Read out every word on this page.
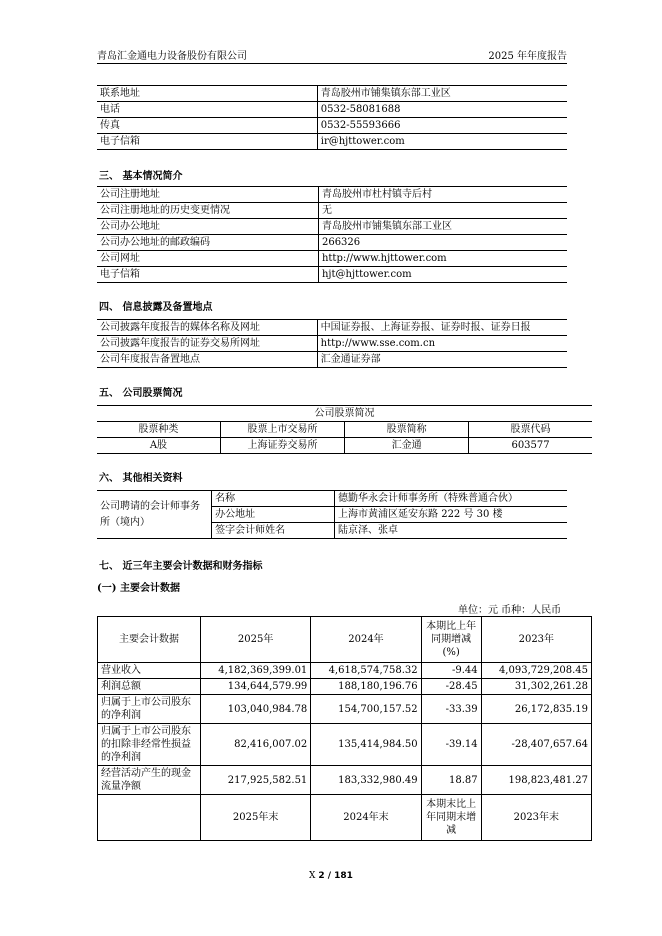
青岛汇金通电力设备股份有限公司	2025 年年度报告
联系地址	青岛胶州市铺集镇东部工业区
电话	0532-58081688
传真	0532-55593666
电子信箱	ir@hjttower.com
三、 基本情况简介
公司注册地址	青岛胶州市杜村镇寺后村
公司注册地址的历史变更情况	无
公司办公地址	青岛胶州市铺集镇东部工业区
公司办公地址的邮政编码	266326
公司网址	http://www.hjttower.com
电子信箱	hjt@hjttower.com
四、 信息披露及备置地点
公司披露年度报告的媒体名称及网址	中国证券报、上海证券报、证券时报、证券日报
公司披露年度报告的证券交易所网址	http://www.sse.com.cn
公司年度报告备置地点	汇金通证券部
五、 公司股票简况
公司股票简况			
股票种类	股票上市交易所	股票简称	股票代码
A股	上海证券交易所	汇金通	603577
六、 其他相关资料
公司聘请的会计师事务所（境内）	名称	德勤华永会计师事务所（特殊普通合伙）
	办公地址	上海市黄浦区延安东路 222 号 30 楼
	签字会计师姓名	陆京泽、张卓
七、 近三年主要会计数据和财务指标
(一) 主要会计数据
单位：元 币种：人民币
主要会计数据	2025年	2024年	本期比上年同期增减(%)	2023年
营业收入	4,182,369,399.01	4,618,574,758.32	-9.44	4,093,729,208.45
利润总额	134,644,579.99	188,180,196.76	-28.45	31,302,261.28
归属于上市公司股东的净利润	103,040,984.78	154,700,157.52	-33.39	26,172,835.19
归属于上市公司股东的扣除非经常性损益的净利润	82,416,007.02	135,414,984.50	-39.14	-28,407,657.64
经营活动产生的现金流量净额	217,925,582.51	183,332,980.49	18.87	198,823,481.27
	2025年末	2024年末	本期末比上年同期末增减	2023年末
Ⅹ 2 / 181
